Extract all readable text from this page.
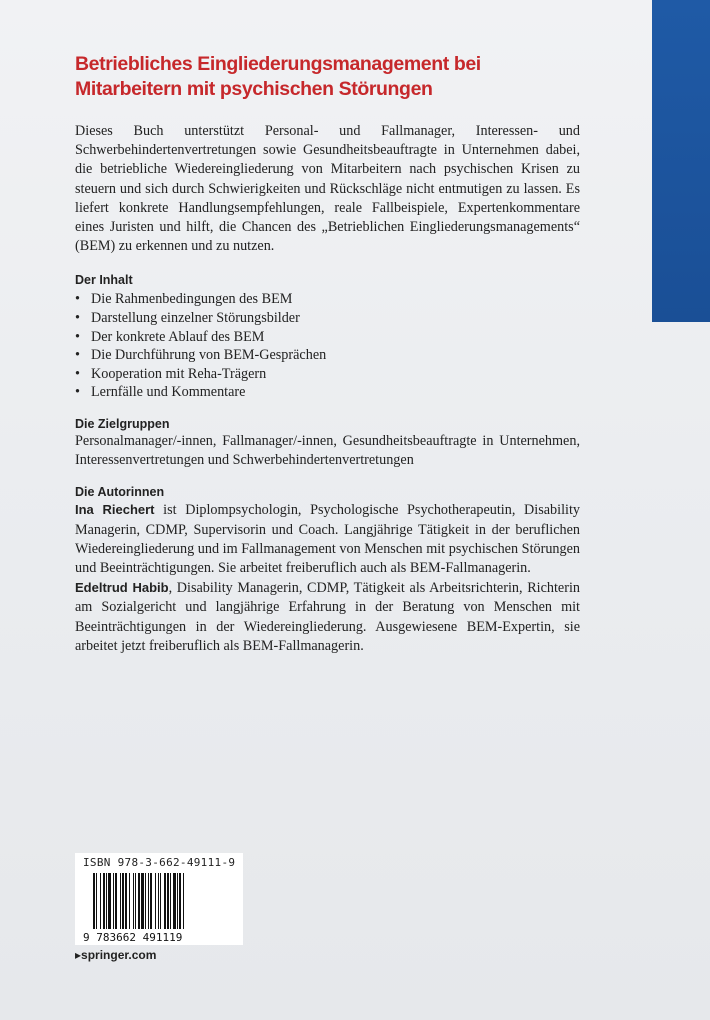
Betriebliches Eingliederungsmanagement bei Mitarbeitern mit psychischen Störungen

Dieses Buch unterstützt Personal- und Fallmanager, Interessen- und Schwerbehindertenvertretungen sowie Gesundheitsbeauftragte in Unternehmen dabei, die betriebliche Wiedereingliederung von Mitarbeitern nach psychischen Krisen zu steuern und sich durch Schwierigkeiten und Rückschläge nicht entmutigen zu lassen. Es liefert konkrete Handlungsempfehlungen, reale Fallbeispiele, Expertenkommentare eines Juristen und hilft, die Chancen des „Betrieblichen Eingliederungsmanagements“ (BEM) zu erkennen und zu nutzen.

Der Inhalt
• Die Rahmenbedingungen des BEM
• Darstellung einzelner Störungsbilder
• Der konkrete Ablauf des BEM
• Die Durchführung von BEM-Gesprächen
• Kooperation mit Reha-Trägern
• Lernfälle und Kommentare
Die Zielgruppen

Personalmanager/-innen, Fallmanager/-innen, Gesundheitsbeauftragte in Unternehmen, Interessenvertretungen und Schwerbehindertenvertretungen

Die Autorinnen

Ina Riechert ist Diplompsychologin, Psychologische Psychotherapeutin, Disability Managerin, CDMP, Supervisorin und Coach. Langjährige Tätigkeit in der beruflichen Wiedereingliederung und im Fallmanagement von Menschen mit psychischen Störungen und Beeinträchtigungen. Sie arbeitet freiberuflich auch als BEM-Fallmanagerin.

Edeltrud Habib, Disability Managerin, CDMP, Tätigkeit als Arbeitsrichterin, Richterin am Sozialgericht und langjährige Erfahrung in der Beratung von Menschen mit Beeinträchtigungen in der Wiedereingliederung. Ausgewiesene BEM-Expertin, sie arbeitet jetzt freiberuflich als BEM-Fallmanagerin.

ISBN 978-3-662-49111-9
9 783662 491119
▸springer.com
